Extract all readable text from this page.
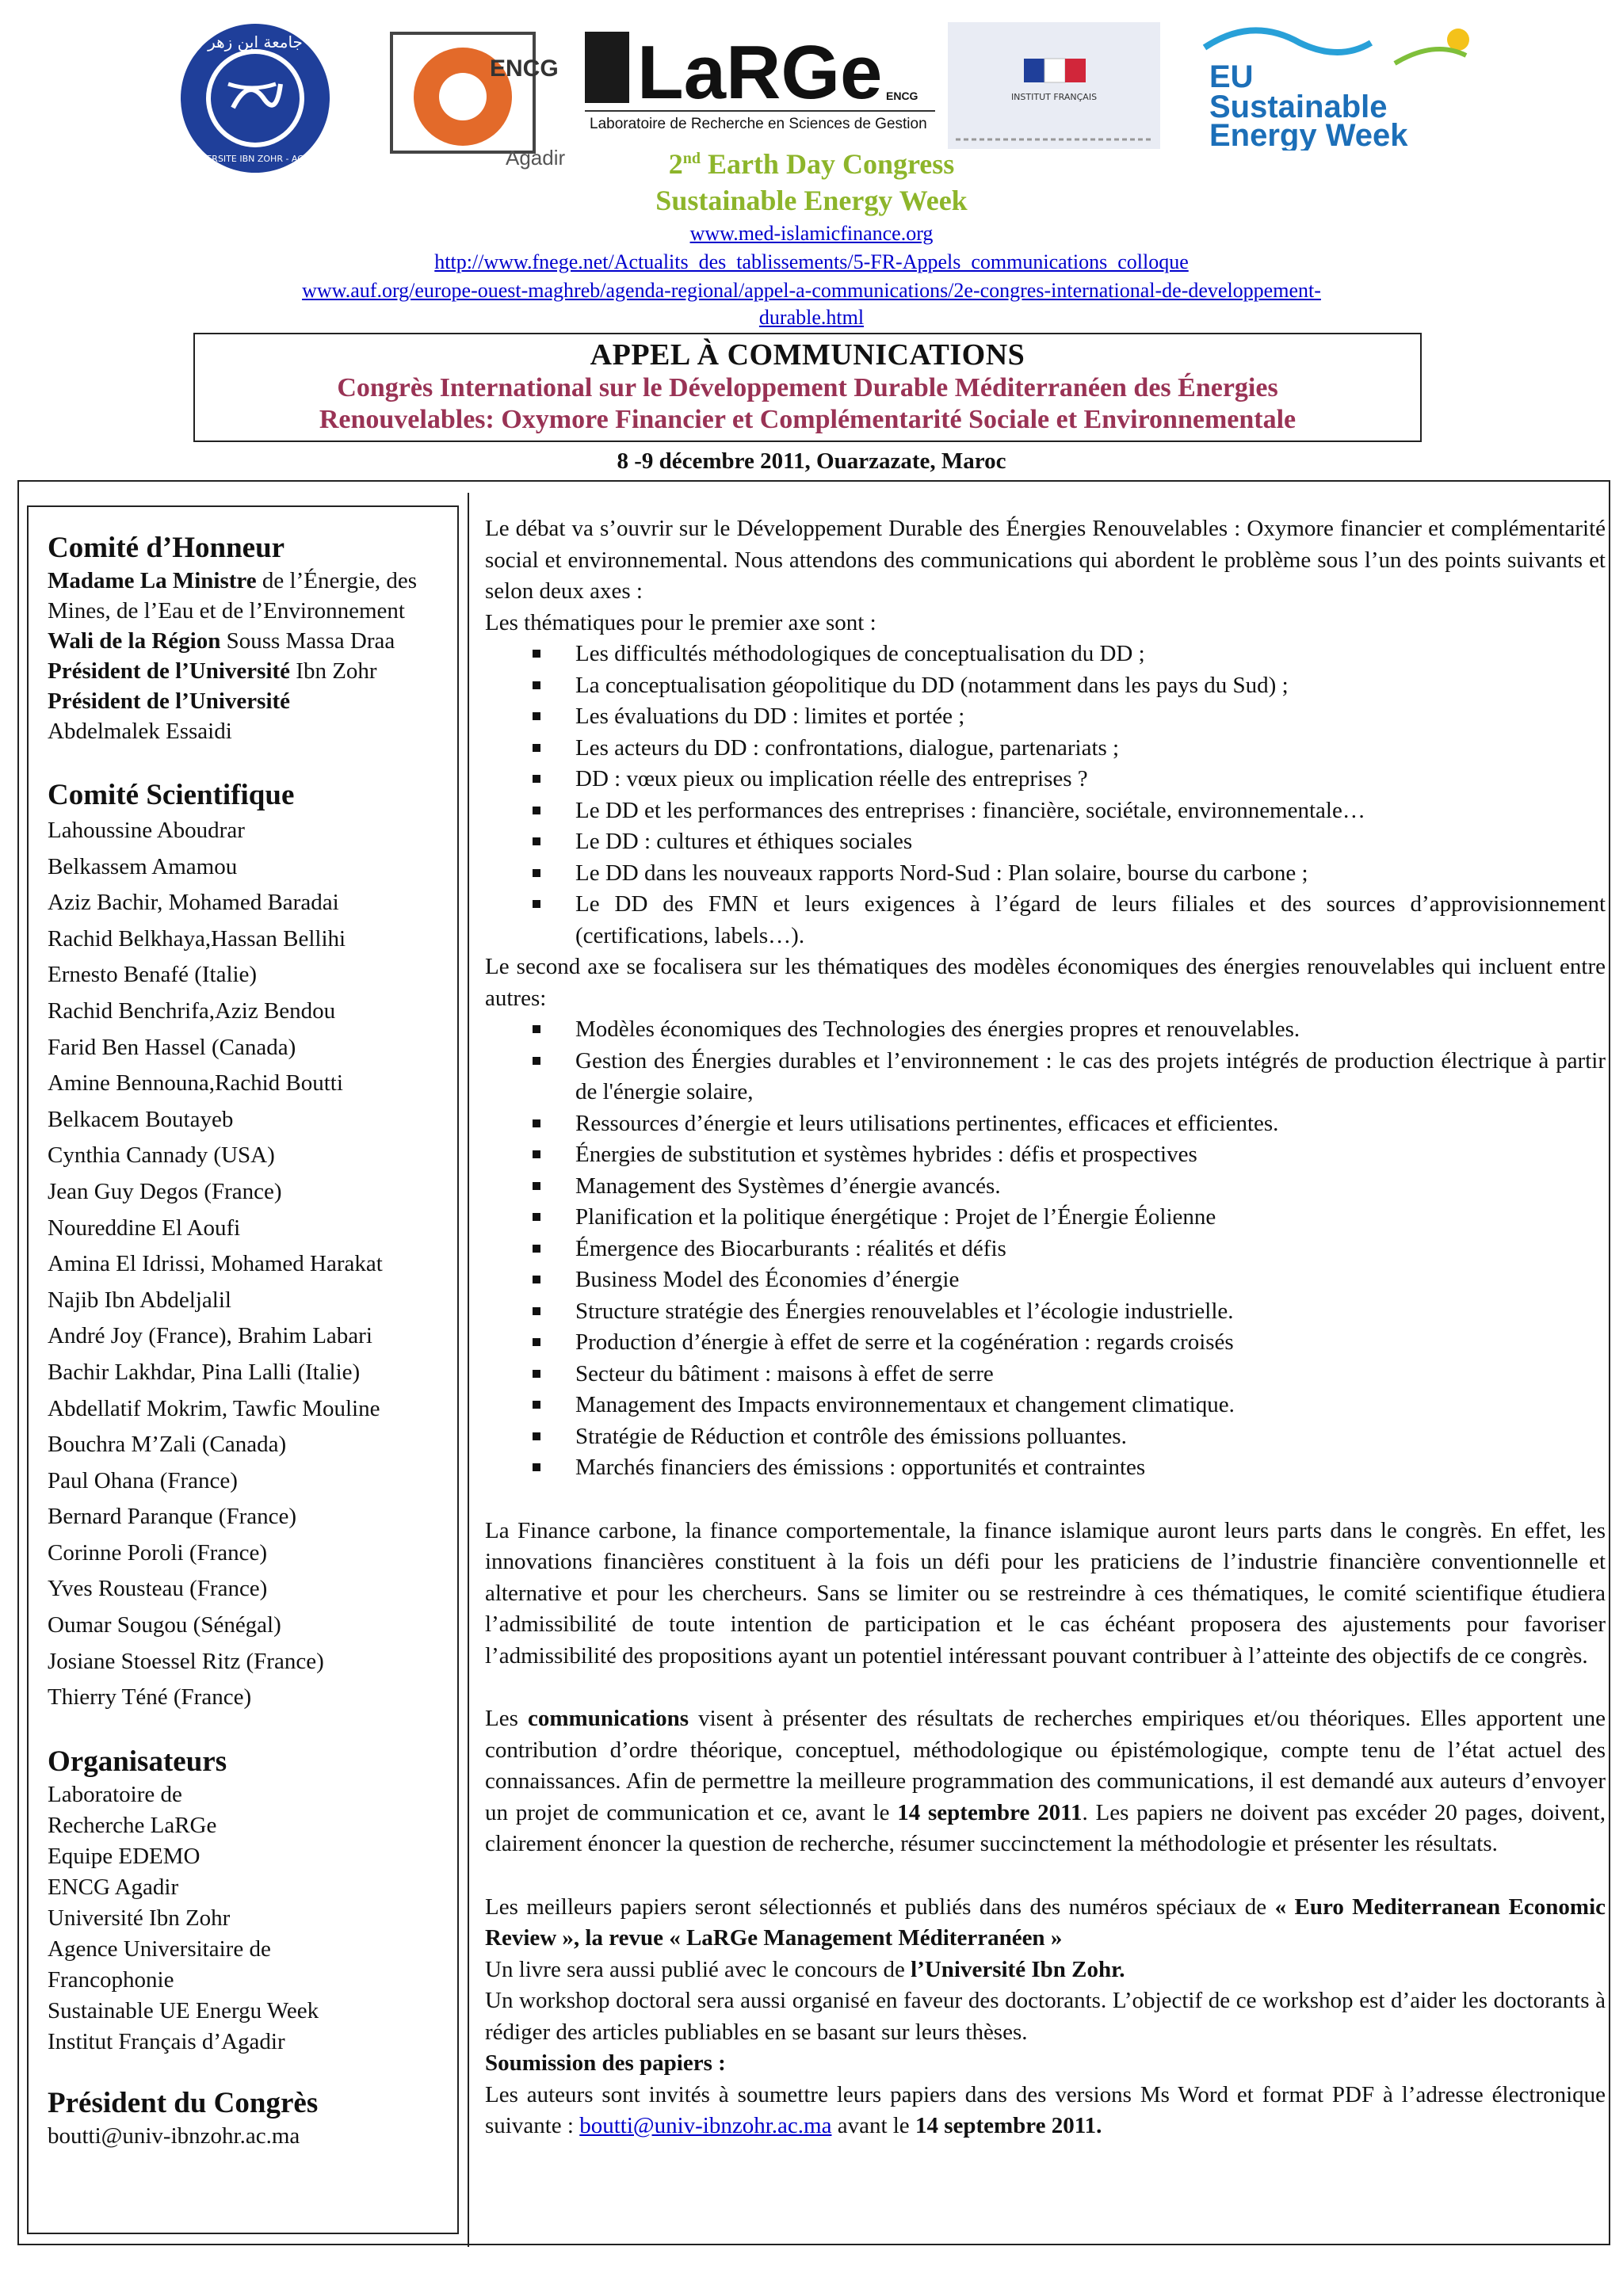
جامعة ابن زهر
UNIVERSITE IBN ZOHR - AGADIR
ENCG
Agadir
LaRGe ENCG
Laboratoire de Recherche en Sciences de Gestion
INSTITUT FRANÇAIS
EU
Sustainable
Energy Week
2nd Earth Day Congress
Sustainable Energy Week
www.med-islamicfinance.org
http://www.fnege.net/Actualits_des_tablissements/5-FR-Appels_communications_colloque
www.auf.org/europe-ouest-maghreb/agenda-regional/appel-a-communications/2e-congres-international-de-developpement-
durable.html
APPEL À COMMUNICATIONS
Congrès International sur le Développement Durable Méditerranéen des Énergies
Renouvelables: Oxymore Financier et Complémentarité Sociale et Environnementale
8 -9 décembre 2011, Ouarzazate, Maroc
Comité d’Honneur

Madame La Ministre de l’Énergie, des Mines, de l’Eau et de l’Environnement

Wali de la Région Souss Massa Draa

Président de l’Université Ibn Zohr

Président de l’Université
Abdelmalek Essaidi

Comité Scientifique

Lahoussine Aboudrar

Belkassem Amamou

Aziz Bachir, Mohamed Baradai

Rachid Belkhaya,Hassan Bellihi

Ernesto Benafé (Italie)

Rachid Benchrifa,Aziz Bendou

Farid Ben Hassel (Canada)

Amine Bennouna,Rachid Boutti

Belkacem Boutayeb

Cynthia Cannady (USA)

Jean Guy Degos (France)

Noureddine El Aoufi

Amina El Idrissi, Mohamed Harakat

Najib Ibn Abdeljalil

André Joy (France), Brahim Labari

Bachir Lakhdar, Pina Lalli (Italie)

Abdellatif Mokrim, Tawfic Mouline

Bouchra M’Zali (Canada)

Paul Ohana (France)

Bernard Paranque (France)

Corinne Poroli (France)

Yves Rousteau (France)

Oumar Sougou (Sénégal)

Josiane Stoessel Ritz (France)

Thierry Téné (France)

Organisateurs

Laboratoire de

Recherche LaRGe

Equipe EDEMO

ENCG Agadir

Université Ibn Zohr

Agence Universitaire de

Francophonie

Sustainable UE Energu Week

Institut Français d’Agadir

Président du Congrès

boutti@univ-ibnzohr.ac.ma

Le débat va s’ouvrir sur le Développement Durable des Énergies Renouvelables : Oxymore financier et complémentarité social et environnemental. Nous attendons des communications qui abordent le problème sous l’un des points suivants et selon deux axes :

Les thématiques pour le premier axe sont :

Les difficultés méthodologiques de conceptualisation du DD ;
La conceptualisation géopolitique du DD (notamment dans les pays du Sud) ;
Les évaluations du DD : limites et portée ;
Les acteurs du DD : confrontations, dialogue, partenariats ;
DD : vœux pieux ou implication réelle des entreprises ?
Le DD et les performances des entreprises : financière, sociétale, environnementale…
Le DD : cultures et éthiques sociales
Le DD dans les nouveaux rapports Nord-Sud : Plan solaire, bourse du carbone ;
Le DD des FMN et leurs exigences à l’égard de leurs filiales et des sources d’approvisionnement (certifications, labels…).

Le second axe se focalisera sur les thématiques des modèles économiques des énergies renouvelables qui incluent entre autres:

Modèles économiques des Technologies des énergies propres et renouvelables.
Gestion des Énergies durables et l’environnement : le cas des projets intégrés de production électrique à partir de l'énergie solaire,
Ressources d’énergie et leurs utilisations pertinentes, efficaces et efficientes.
Énergies de substitution et systèmes hybrides : défis et prospectives
Management des Systèmes d’énergie avancés.
Planification et la politique énergétique : Projet de l’Énergie Éolienne
Émergence des Biocarburants : réalités et défis
Business Model des Économies d’énergie
Structure stratégie des Énergies renouvelables et l’écologie industrielle.
Production d’énergie à effet de serre et la cogénération : regards croisés
Secteur du bâtiment : maisons à effet de serre
Management des Impacts environnementaux et changement climatique.
Stratégie de Réduction et contrôle des émissions polluantes.
Marchés financiers des émissions : opportunités et contraintes

La Finance carbone, la finance comportementale, la finance islamique auront leurs parts dans le congrès. En effet, les innovations financières constituent à la fois un défi pour les praticiens de l’industrie financière conventionnelle et alternative et pour les chercheurs. Sans se limiter ou se restreindre à ces thématiques, le comité scientifique étudiera l’admissibilité de toute intention de participation et le cas échéant proposera des ajustements pour favoriser l’admissibilité des propositions ayant un potentiel intéressant pouvant contribuer à l’atteinte des objectifs de ce congrès.

Les communications visent à présenter des résultats de recherches empiriques et/ou théoriques. Elles apportent une contribution d’ordre théorique, conceptuel, méthodologique ou épistémologique, compte tenu de l’état actuel des connaissances. Afin de permettre la meilleure programmation des communications, il est demandé aux auteurs d’envoyer un projet de communication et ce, avant le 14 septembre 2011. Les papiers ne doivent pas excéder 20 pages, doivent, clairement énoncer la question de recherche, résumer succinctement la méthodologie et présenter les résultats.

Les meilleurs papiers seront sélectionnés et publiés dans des numéros spéciaux de « Euro Mediterranean Economic Review », la revue « LaRGe Management Méditerranéen »

Un livre sera aussi publié avec le concours de l’Université Ibn Zohr.

Un workshop doctoral sera aussi organisé en faveur des doctorants. L’objectif de ce workshop est d’aider les doctorants à rédiger des articles publiables en se basant sur leurs thèses.

Soumission des papiers :

Les auteurs sont invités à soumettre leurs papiers dans des versions Ms Word et format PDF à l’adresse électronique suivante : boutti@univ-ibnzohr.ac.ma avant le 14 septembre 2011.
